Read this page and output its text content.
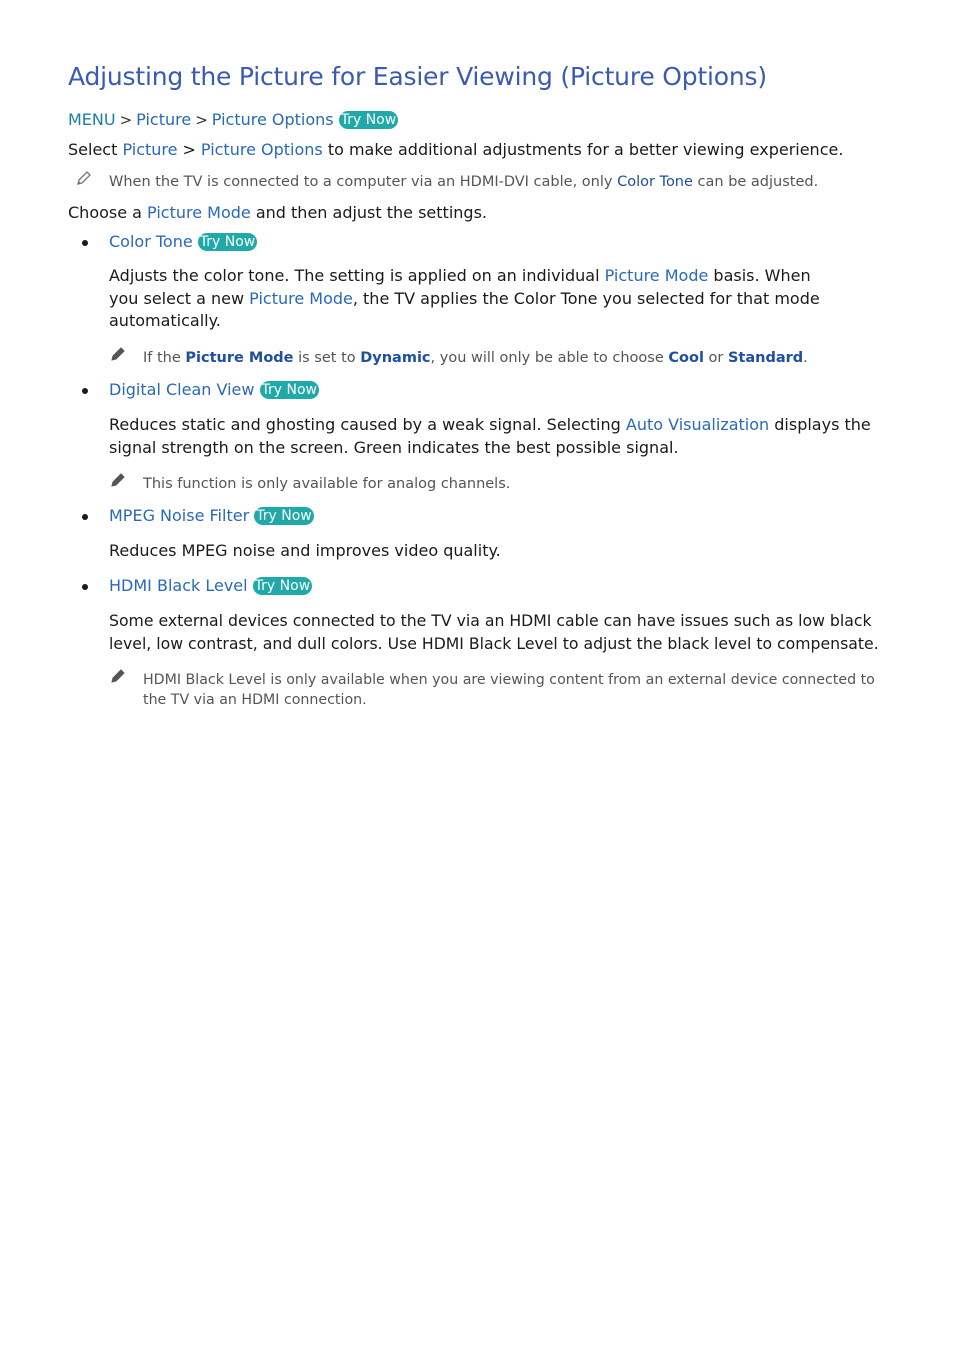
Adjusting the Picture for Easier Viewing (Picture Options)
MENU > Picture > Picture Options Try Now
Select Picture > Picture Options to make additional adjustments for a better viewing experience.
When the TV is connected to a computer via an HDMI-DVI cable, only Color Tone can be adjusted.
Choose a Picture Mode and then adjust the settings.
Color Tone Try Now
Adjusts the color tone. The setting is applied on an individual Picture Mode basis. When
you select a new Picture Mode, the TV applies the Color Tone you selected for that mode
automatically.
If the Picture Mode is set to Dynamic, you will only be able to choose Cool or Standard.
Digital Clean View Try Now
Reduces static and ghosting caused by a weak signal. Selecting Auto Visualization displays the
signal strength on the screen. Green indicates the best possible signal.
This function is only available for analog channels.
MPEG Noise Filter Try Now
Reduces MPEG noise and improves video quality.
HDMI Black Level Try Now
Some external devices connected to the TV via an HDMI cable can have issues such as low black
level, low contrast, and dull colors. Use HDMI Black Level to adjust the black level to compensate.
HDMI Black Level is only available when you are viewing content from an external device connected to
the TV via an HDMI connection.
